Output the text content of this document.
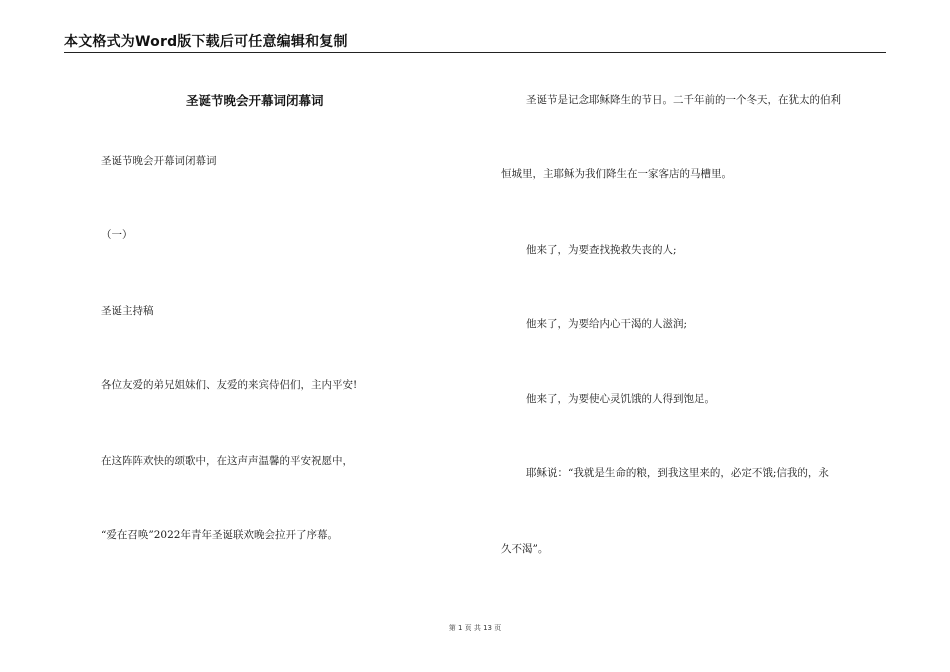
本文格式为Word版下载后可任意编辑和复制
圣诞节晚会开幕词闭幕词
圣诞节晚会开幕词闭幕词
（一）
圣诞主持稿
各位友爱的弟兄姐妹们、友爱的来宾侍侣们，主内平安!
在这阵阵欢快的颂歌中，在这声声温馨的平安祝愿中，
“爱在召唤”2022年青年圣诞联欢晚会拉开了序幕。
圣诞节是记念耶稣降生的节日。二千年前的一个冬天，在犹太的伯利
恒城里，主耶稣为我们降生在一家客店的马槽里。
他来了，为要查找挽救失丧的人;
他来了，为要给内心干渴的人滋润;
他来了，为要使心灵饥饿的人得到饱足。
耶稣说：“我就是生命的粮，到我这里来的，必定不饿;信我的，永
久不渴”。
第 1 页 共 13 页
